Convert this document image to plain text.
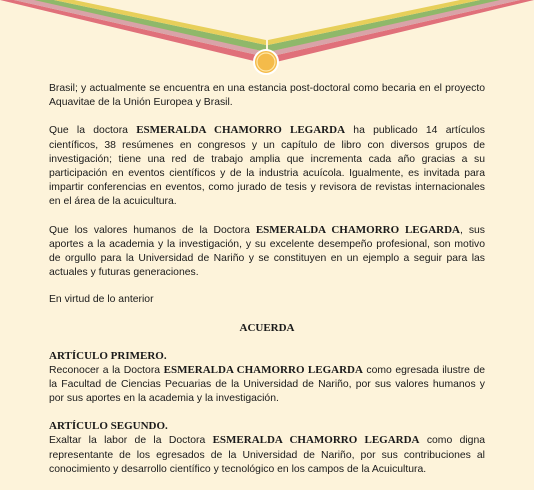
Brasil; y actualmente se encuentra en una estancia post-doctoral como becaria en el proyecto Aquavitae de la Unión Europea y Brasil.

Que la doctora ESMERALDA CHAMORRO LEGARDA ha publicado 14 artículos científicos, 38 resúmenes en congresos y un capítulo de libro con diversos grupos de investigación; tiene una red de trabajo amplia que incrementa cada año gracias a su participación en eventos científicos y de la industria acuícola. Igualmente, es invitada para impartir conferencias en eventos, como jurado de tesis y revisora de revistas internacionales en el área de la acuicultura.

Que los valores humanos de la Doctora ESMERALDA CHAMORRO LEGARDA, sus aportes a la academia y la investigación, y su excelente desempeño profesional, son motivo de orgullo para la Universidad de Nariño y se constituyen en un ejemplo a seguir para las actuales y futuras generaciones.

En virtud de lo anterior

ACUERDA
ARTÍCULO PRIMERO.

Reconocer a la Doctora ESMERALDA CHAMORRO LEGARDA como egresada ilustre de la Facultad de Ciencias Pecuarias de la Universidad de Nariño, por sus valores humanos y por sus aportes en la academia y la investigación.

ARTÍCULO SEGUNDO.

Exaltar la labor de la Doctora ESMERALDA CHAMORRO LEGARDA como digna representante de los egresados de la Universidad de Nariño, por sus contribuciones al conocimiento y desarrollo científico y tecnológico en los campos de la Acuicultura.
